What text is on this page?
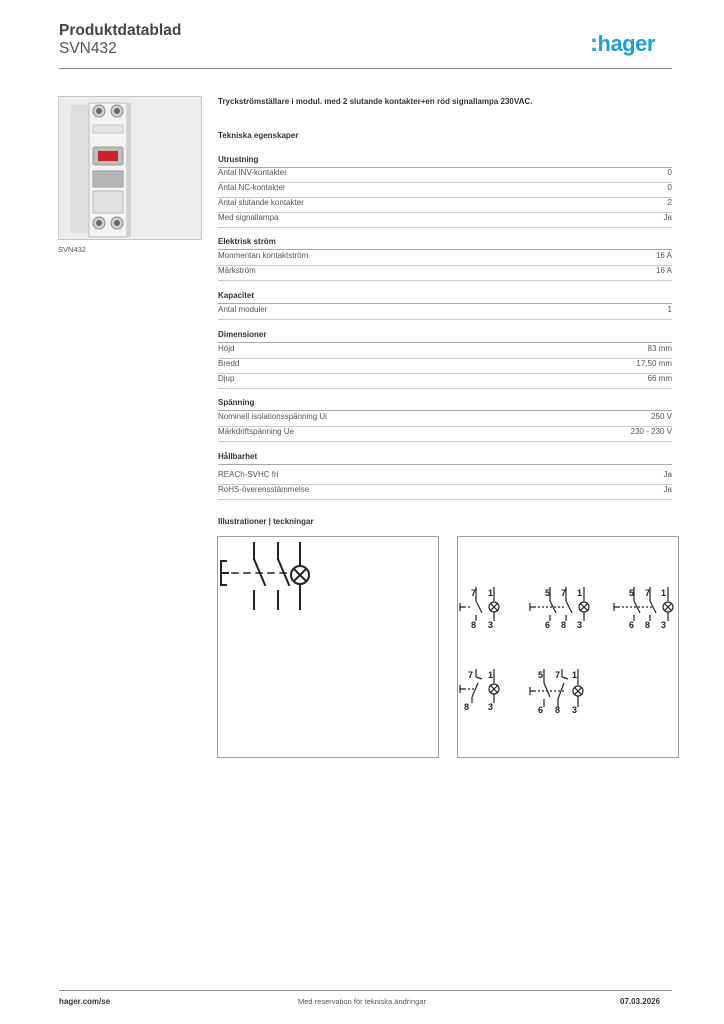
Produktdatablad
SVN432	:hager
SVN432
Tryckströmställare i modul. med 2 slutande kontakter+en röd signallampa 230VAC.
Tekniska egenskaper
Utrustning
Antal INV-kontakter	0
Antal NC-kontakter	0
Antal slutande kontakter	2
Med signallampa	Ja
Elektrisk ström
Monmentan kontaktström	16 A
Märkström	16 A
Kapacitet
Antal moduler	1
Dimensioner
Höjd	83 mm
Bredd	17,50 mm
Djup	66 mm
Spänning
Nominell isolationsspänning Ui	250 V
Märkdriftspänning Ue	230 - 230 V
Hållbarhet
REACh-SVHC fri	Ja
RoHS-överensstämmelse	Ja
Illustrationer | teckningar
7 1
8 3
5 7 1
6 8 3
5 7 1
6 8 3
7 1
8 3
5 7 1
6 8 3
hager.com/se	Med reservation för tekniska ändringar	07.03.2026
